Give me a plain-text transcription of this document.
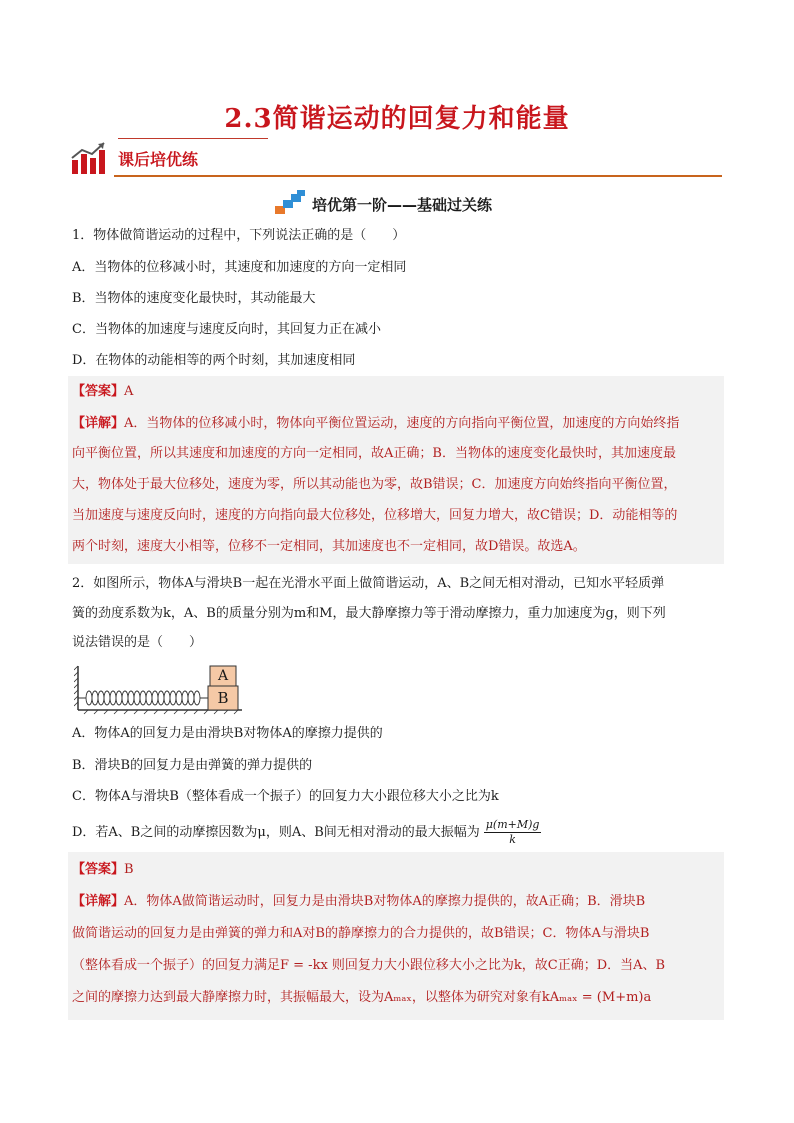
2.3简谐运动的回复力和能量
课后培优练
培优第一阶——基础过关练
1．物体做简谐运动的过程中，下列说法正确的是（　　）
A．当物体的位移减小时，其速度和加速度的方向一定相同
B．当物体的速度变化最快时，其动能最大
C．当物体的加速度与速度反向时，其回复力正在减小
D．在物体的动能相等的两个时刻，其加速度相同
【答案】A
【详解】A．当物体的位移减小时，物体向平衡位置运动，速度的方向指向平衡位置，加速度的方向始终指
向平衡位置，所以其速度和加速度的方向一定相同，故A正确；B．当物体的速度变化最快时，其加速度最
大，物体处于最大位移处，速度为零，所以其动能也为零，故B错误；C．加速度方向始终指向平衡位置，
当加速度与速度反向时，速度的方向指向最大位移处，位移增大，回复力增大，故C错误；D．动能相等的
两个时刻，速度大小相等，位移不一定相同，其加速度也不一定相同，故D错误。故选A。
2．如图所示，物体A与滑块B一起在光滑水平面上做简谐运动，A、B之间无相对滑动，已知水平轻质弹
簧的劲度系数为k，A、B的质量分别为m和M，最大静摩擦力等于滑动摩擦力，重力加速度为g，则下列
说法错误的是（　　）
A
B
A．物体A的回复力是由滑块B对物体A的摩擦力提供的
B．滑块B的回复力是由弹簧的弹力提供的
C．物体A与滑块B（整体看成一个振子）的回复力大小跟位移大小之比为k
D．若A、B之间的动摩擦因数为μ，则A、B间无相对滑动的最大振幅为 $\frac{\mu(m+M)g}{k}$
【答案】B
【详解】A．物体A做简谐运动时，回复力是由滑块B对物体A的摩擦力提供的，故A正确；B．滑块B
做简谐运动的回复力是由弹簧的弹力和A对B的静摩擦力的合力提供的，故B错误；C．物体A与滑块B
（整体看成一个振子）的回复力满足F = -kx 则回复力大小跟位移大小之比为k，故C正确；D．当A、B
之间的摩擦力达到最大静摩擦力时，其振幅最大，设为Aₘₐₓ，以整体为研究对象有kAₘₐₓ = (M+m)a
